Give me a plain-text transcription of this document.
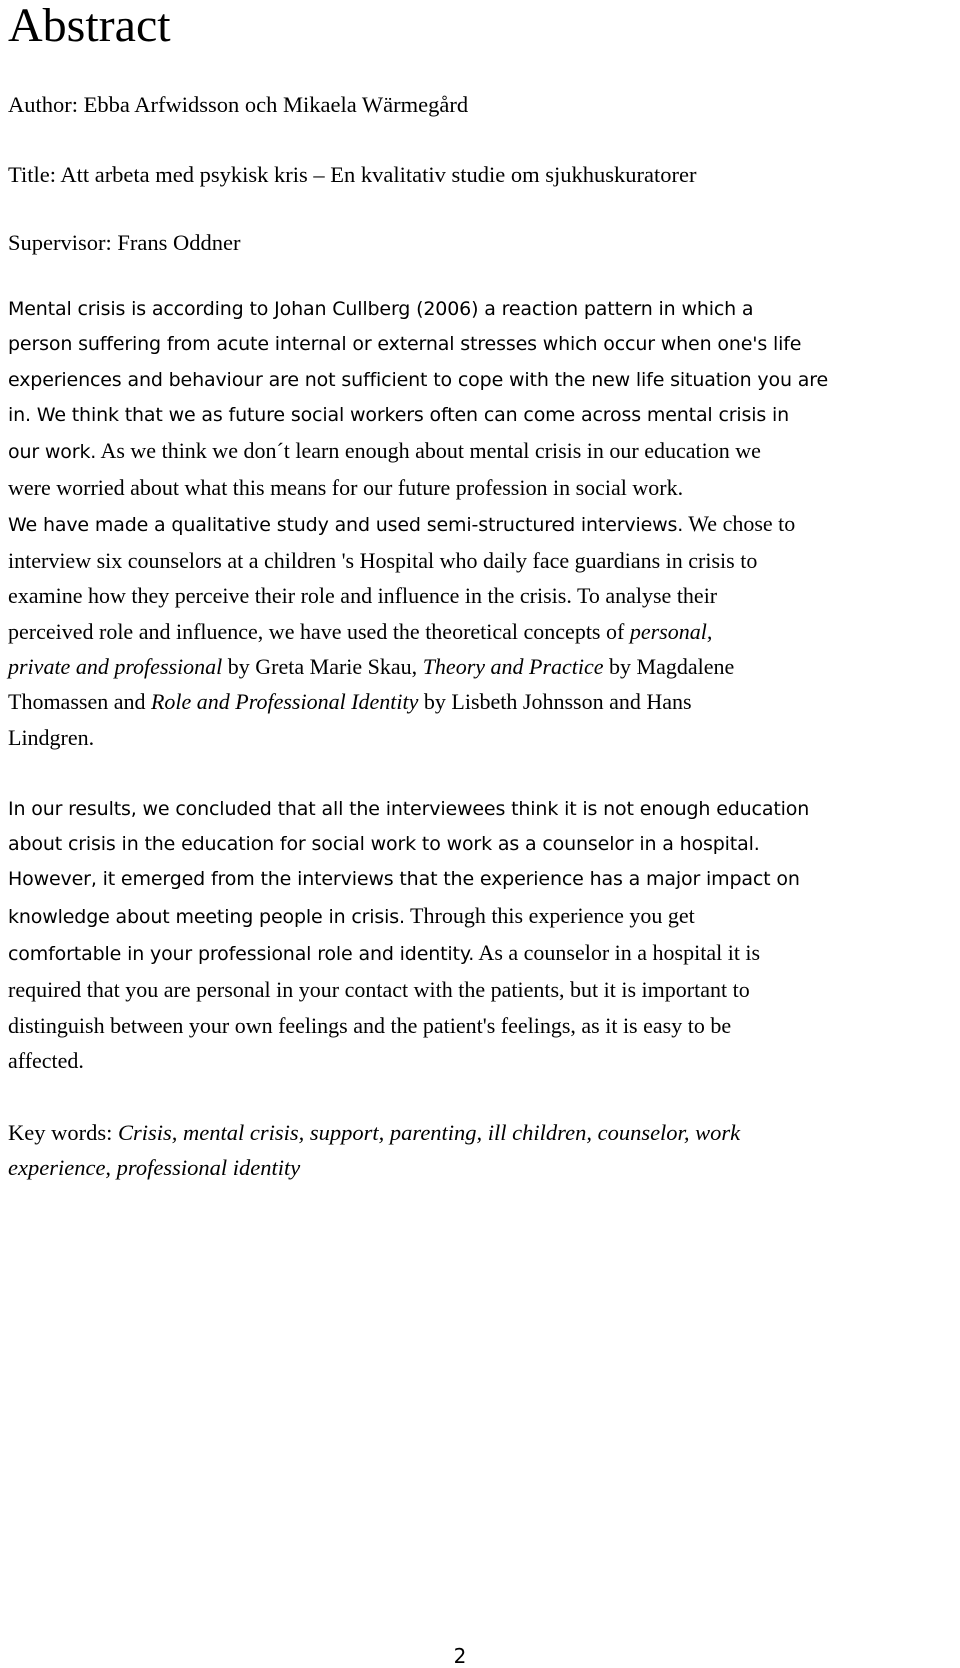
Abstract

Author: Ebba Arfwidsson och Mikaela Wärmegård

Title: Att arbeta med psykisk kris – En kvalitativ studie om sjukhuskuratorer

Supervisor: Frans Oddner

Mental crisis is according to Johan Cullberg (2006) a reaction pattern in which a
person suffering from acute internal or external stresses which occur when one's life
experiences and behaviour are not sufficient to cope with the new life situation you are
in. We think that we as future social workers often can come across mental crisis in
our work. As we think we don´t learn enough about mental crisis in our education we
were worried about what this means for our future profession in social work.
We have made a qualitative study and used semi-structured interviews. We chose to
interview six counselors at a children 's Hospital who daily face guardians in crisis to
examine how they perceive their role and influence in the crisis. To analyse their
perceived role and influence, we have used the theoretical concepts of personal,
private and professional by Greta Marie Skau, Theory and Practice by Magdalene
Thomassen and Role and Professional Identity by Lisbeth Johnsson and Hans
Lindgren.

In our results, we concluded that all the interviewees think it is not enough education
about crisis in the education for social work to work as a counselor in a hospital.
However, it emerged from the interviews that the experience has a major impact on
knowledge about meeting people in crisis. Through this experience you get
comfortable in your professional role and identity. As a counselor in a hospital it is
required that you are personal in your contact with the patients, but it is important to
distinguish between your own feelings and the patient's feelings, as it is easy to be
affected.

Key words: Crisis, mental crisis, support, parenting, ill children, counselor, work
experience, professional identity

2
